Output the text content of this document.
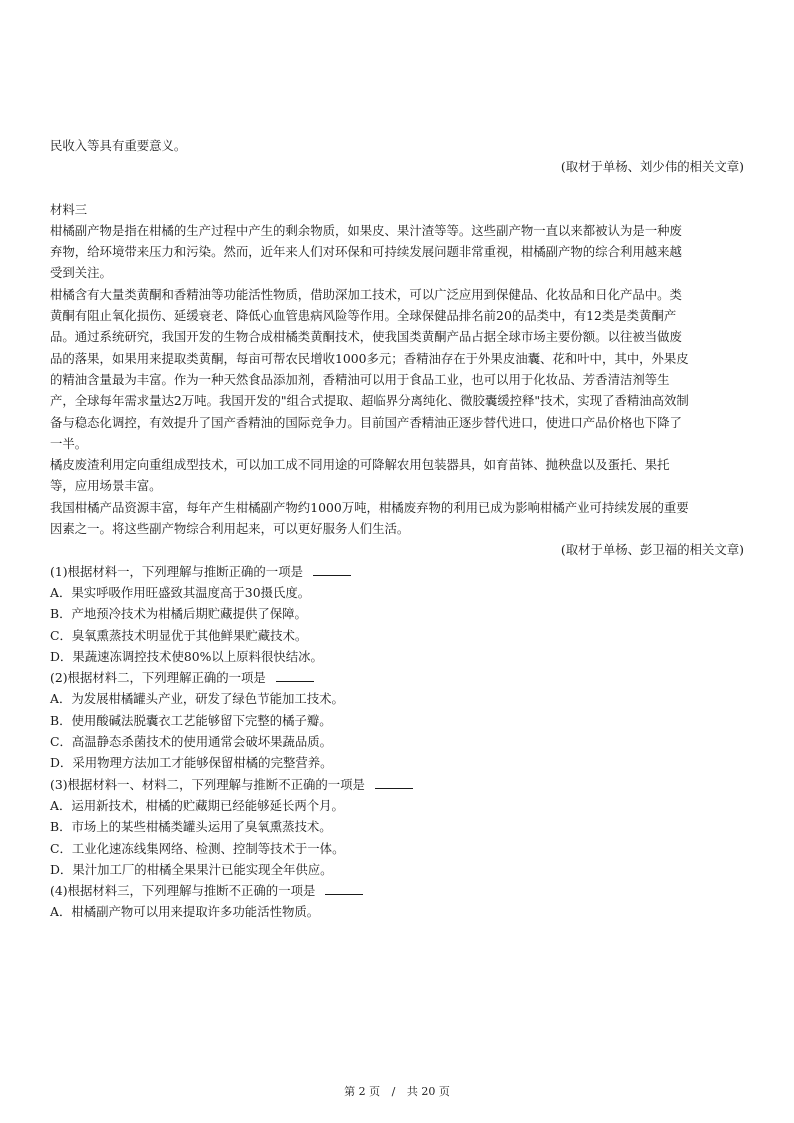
民收入等具有重要意义。
(取材于单杨、刘少伟的相关文章)
材料三
柑橘副产物是指在柑橘的生产过程中产生的剩余物质，如果皮、果汁渣等等。这些副产物一直以来都被认为是一种废
弃物，给环境带来压力和污染。然而，近年来人们对环保和可持续发展问题非常重视，柑橘副产物的综合利用越来越
受到关注。
柑橘含有大量类黄酮和香精油等功能活性物质，借助深加工技术，可以广泛应用到保健品、化妆品和日化产品中。类
黄酮有阻止氧化损伤、延缓衰老、降低心血管患病风险等作用。全球保健品排名前20的品类中，有12类是类黄酮产
品。通过系统研究，我国开发的生物合成柑橘类黄酮技术，使我国类黄酮产品占据全球市场主要份额。以往被当做废
品的落果，如果用来提取类黄酮，每亩可帮农民增收1000多元；香精油存在于外果皮油囊、花和叶中，其中，外果皮
的精油含量最为丰富。作为一种天然食品添加剂，香精油可以用于食品工业，也可以用于化妆品、芳香清洁剂等生
产，全球每年需求量达2万吨。我国开发的"组合式提取、超临界分离纯化、微胶囊缓控释"技术，实现了香精油高效制
备与稳态化调控，有效提升了国产香精油的国际竞争力。目前国产香精油正逐步替代进口，使进口产品价格也下降了
一半。
橘皮废渣利用定向重组成型技术，可以加工成不同用途的可降解农用包装器具，如育苗钵、抛秧盘以及蛋托、果托
等，应用场景丰富。
我国柑橘产品资源丰富，每年产生柑橘副产物约1000万吨，柑橘废弃物的利用已成为影响柑橘产业可持续发展的重要
因素之一。将这些副产物综合利用起来，可以更好服务人们生活。
(取材于单杨、彭卫福的相关文章)
(1)根据材料一，下列理解与推断正确的一项是
A．果实呼吸作用旺盛致其温度高于30摄氏度。
B．产地预冷技术为柑橘后期贮藏提供了保障。
C．臭氧熏蒸技术明显优于其他鲜果贮藏技术。
D．果蔬速冻调控技术使80%以上原料很快结冰。
(2)根据材料二，下列理解正确的一项是
A．为发展柑橘罐头产业，研发了绿色节能加工技术。
B．使用酸碱法脱囊衣工艺能够留下完整的橘子瓣。
C．高温静态杀菌技术的使用通常会破坏果蔬品质。
D．采用物理方法加工才能够保留柑橘的完整营养。
(3)根据材料一、材料二，下列理解与推断不正确的一项是
A．运用新技术，柑橘的贮藏期已经能够延长两个月。
B．市场上的某些柑橘类罐头运用了臭氧熏蒸技术。
C．工业化速冻线集网络、检测、控制等技术于一体。
D．果汁加工厂的柑橘全果果汁已能实现全年供应。
(4)根据材料三，下列理解与推断不正确的一项是
A．柑橘副产物可以用来提取许多功能活性物质。
第 2 页 / 共 20 页
